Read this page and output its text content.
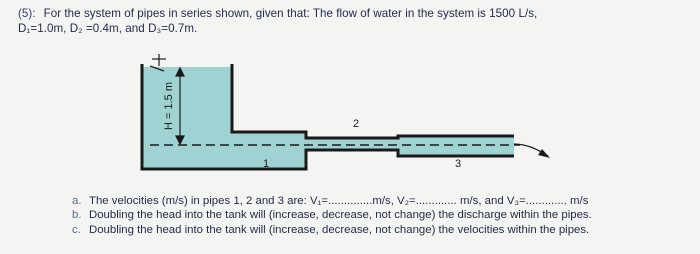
(5): For the system of pipes in series shown, given that: The flow of water in the system is 1500 L/s,
D₁=1.0m, D₂ =0.4m, and D₃=0.7m.
H = 1.5 m
1
2
3
a. The velocities (m/s) in pipes 1, 2 and 3 are: V₁=..............m/s, V₂=............. m/s, and V₃=............. m/s
b. Doubling the head into the tank will (increase, decrease, not change) the discharge within the pipes.
c. Doubling the head into the tank will (increase, decrease, not change) the velocities within the pipes.
